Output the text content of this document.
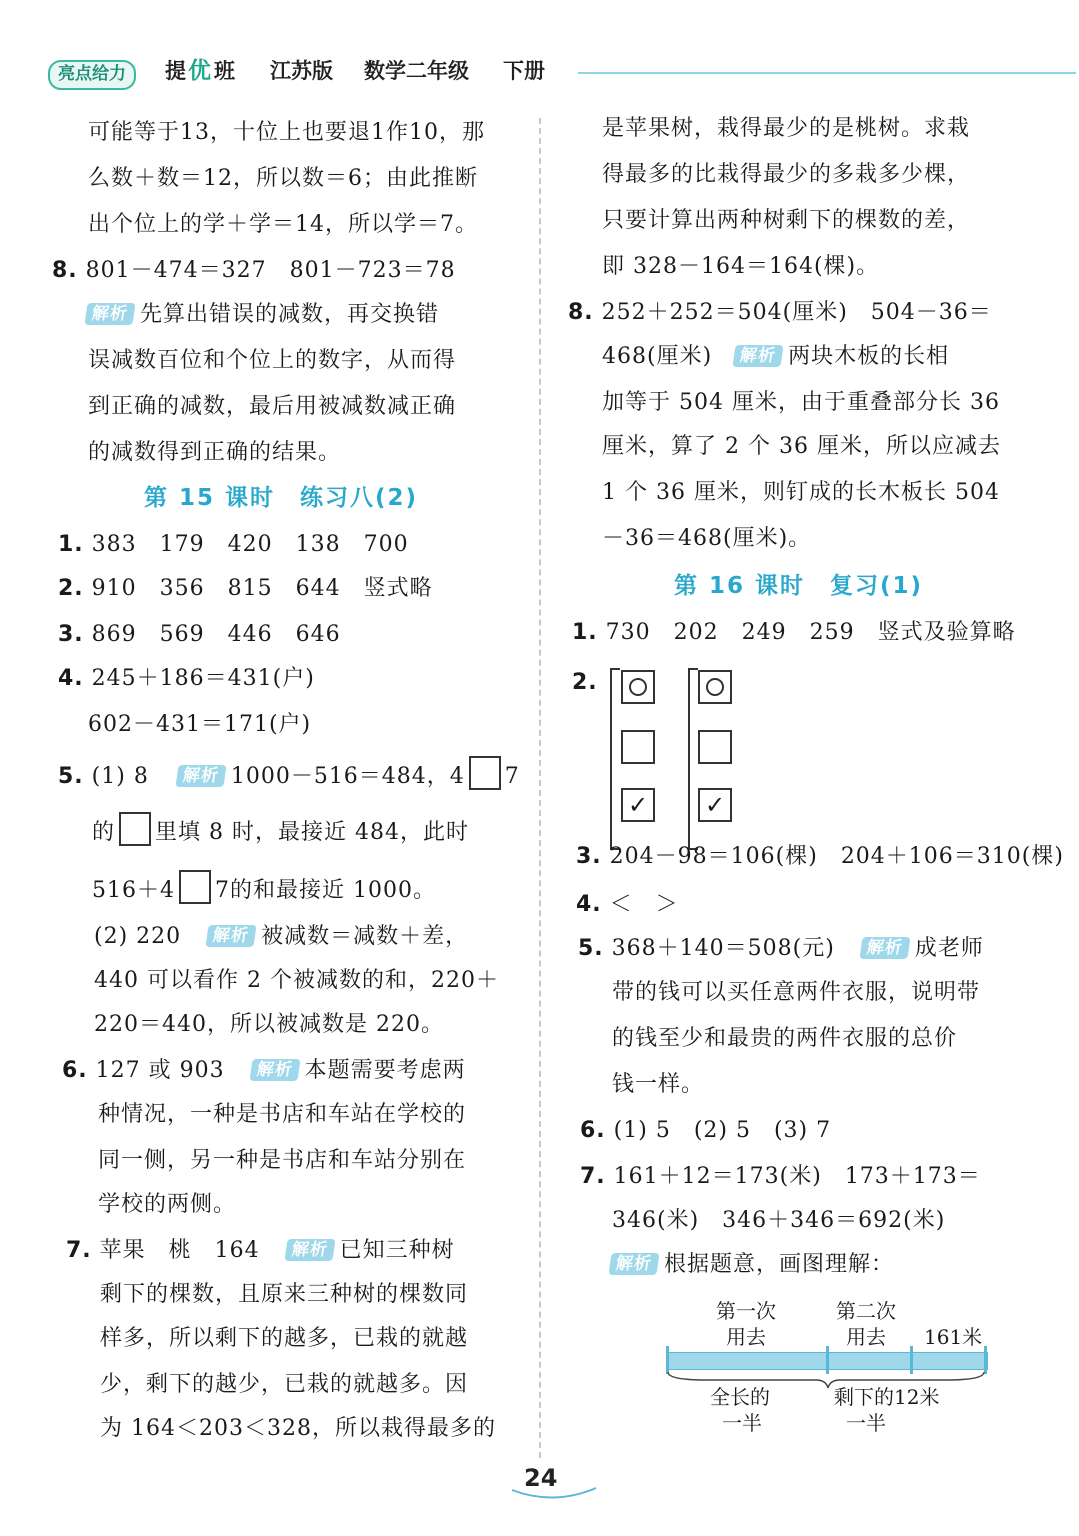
亮点给力	提 优 班 江苏版 数学二年级 下册
可能等于13，十位上也要退1作10，那
么数＋数＝12，所以数＝6；由此推断
出个位上的学＋学＝14，所以学＝7。
8. 801－474＝327　801－723＝78
解析 先算出错误的减数，再交换错
误减数百位和个位上的数字，从而得
到正确的减数，最后用被减数减正确
的减数得到正确的结果。
第 15 课时　练习八(2)
1. 383　179　420　138　700
2. 910　356　815　644　竖式略
3. 869　569　446　646
4. 245＋186＝431(户)
602－431＝171(户)
5. (1) 8 解析 1000－516＝484，4 7
的 里填 8 时，最接近 484，此时
516＋4 7的和最接近 1000。
(2) 220 解析 被减数＝减数＋差，
440 可以看作 2 个被减数的和，220＋
220＝440，所以被减数是 220。
6. 127 或 903 解析 本题需要考虑两
种情况，一种是书店和车站在学校的
同一侧，另一种是书店和车站分别在
学校的两侧。
7. 苹果　桃　164 解析 已知三种树
剩下的棵数，且原来三种树的棵数同
样多，所以剩下的越多，已栽的就越
少，剩下的越少，已栽的就越多。因
为 164＜203＜328，所以栽得最多的
是苹果树，栽得最少的是桃树。求栽
得最多的比栽得最少的多栽多少棵，
只要计算出两种树剩下的棵数的差，
即 328－164＝164(棵)。
8. 252＋252＝504(厘米)　504－36＝
468(厘米) 解析 两块木板的长相
加等于 504 厘米，由于重叠部分长 36
厘米，算了 2 个 36 厘米，所以应减去
1 个 36 厘米，则钉成的长木板长 504
－36＝468(厘米)。
第 16 课时　复习(1)
1. 730　202　249　259　竖式及验算略
2.
✓ ✓
3. 204－98＝106(棵)　204＋106＝310(棵)
4. ＜　＞
5. 368＋140＝508(元) 解析 成老师
带的钱可以买任意两件衣服，说明带
的钱至少和最贵的两件衣服的总价
钱一样。
6. (1) 5　(2) 5　(3) 7
7. 161＋12＝173(米)　173＋173＝
346(米)　346＋346＝692(米)
解析 根据题意，画图理解：
第一次
用去
第二次
用去 161米
全长的
一半
剩下的12米
一半
24
